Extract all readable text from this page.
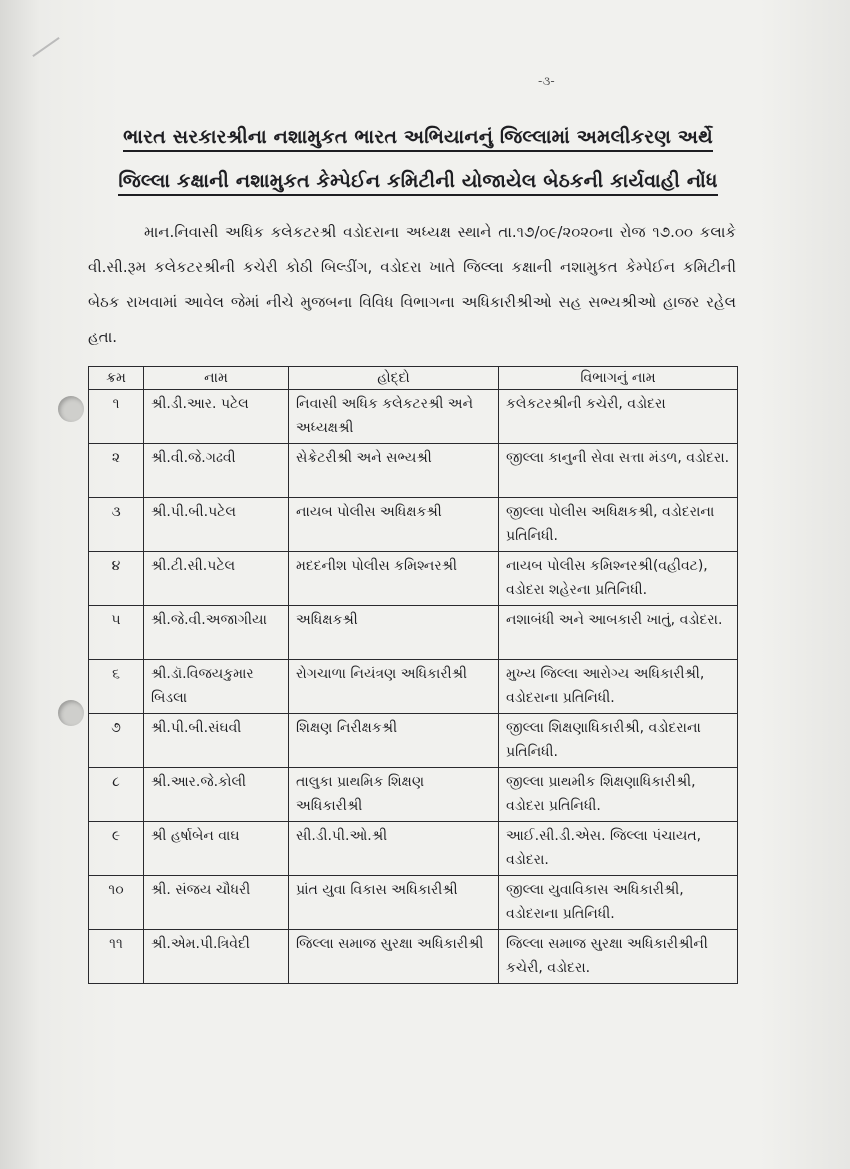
-૩-
ભારત સરકારશ્રીના નશામુકત ભારત અભિયાનનું જિલ્લામાં અમલીકરણ અર્થે
જિલ્લા કક્ષાની નશામુકત કેમ્પેઈન કમિટીની યોજાયેલ બેઠકની કાર્યવાહી નોંધ

માન.નિવાસી અધિક કલેકટરશ્રી વડોદરાના અધ્યક્ષ સ્થાને તા.૧૭/૦૯/૨૦૨૦ના રોજ ૧૭.૦૦ કલાકે વી.સી.રૂમ કલેકટરશ્રીની કચેરી કોઠી બિલ્ડીંગ, વડોદરા ખાતે જિલ્લા કક્ષાની નશામુકત કેમ્પેઈન કમિટીની બેઠક રાખવામાં આવેલ જેમાં નીચે મુજબના વિવિધ વિભાગના અધિકારીશ્રીઓ સહ સભ્યશ્રીઓ હાજર રહેલ હતા.

ક્રમ	નામ	હોદ્દો	વિભાગનું નામ
૧	શ્રી.ડી.આર. પટેલ	નિવાસી અધિક કલેકટરશ્રી અને અધ્યક્ષશ્રી	કલેકટરશ્રીની કચેરી, વડોદરા
૨	શ્રી.વી.જે.ગઢવી	સેક્રેટરીશ્રી અને સભ્યશ્રી	જીલ્લા કાનુની સેવા સત્તા મંડળ, વડોદરા.
૩	શ્રી.પી.બી.પટેલ	નાયબ પોલીસ અધિક્ષકશ્રી	જીલ્લા પોલીસ અધિક્ષકશ્રી, વડોદરાના પ્રતિનિધી.
૪	શ્રી.ટી.સી.પટેલ	મદદનીશ પોલીસ કમિશ્નરશ્રી	નાયબ પોલીસ કમિશ્નરશ્રી(વહીવટ), વડોદરા શહેરના પ્રતિનિધી.
૫	શ્રી.જે.વી.અજાગીયા	અધિક્ષકશ્રી	નશાબંધી અને આબકારી ખાતું, વડોદરા.
૬	શ્રી.ડૉ.વિજયકુમાર બિડલા	રોગચાળા નિયંત્રણ અધિકારીશ્રી	મુખ્ય જિલ્લા આરોગ્ય અધિકારીશ્રી, વડોદરાના પ્રતિનિધી.
૭	શ્રી.પી.બી.સંઘવી	શિક્ષણ નિરીક્ષકશ્રી	જીલ્લા શિક્ષણાધિકારીશ્રી, વડોદરાના પ્રતિનિધી.
૮	શ્રી.આર.જે.કોલી	તાલુકા પ્રાથમિક શિક્ષણ અધિકારીશ્રી	જીલ્લા પ્રાથમીક શિક્ષણાધિકારીશ્રી, વડોદરા પ્રતિનિધી.
૯	શ્રી હર્ષાબેન વાઘ	સી.ડી.પી.ઓ.શ્રી	આઈ.સી.ડી.એસ. જિલ્લા પંચાયત, વડોદરા.
૧૦	શ્રી. સંજય ચૌધરી	પ્રાંત યુવા વિકાસ અધિકારીશ્રી	જીલ્લા યુવાવિકાસ અધિકારીશ્રી, વડોદરાના પ્રતિનિધી.
૧૧	શ્રી.એમ.પી.ત્રિવેદી	જિલ્લા સમાજ સુરક્ષા અધિકારીશ્રી	જિલ્લા સમાજ સુરક્ષા અધિકારીશ્રીની કચેરી, વડોદરા.
